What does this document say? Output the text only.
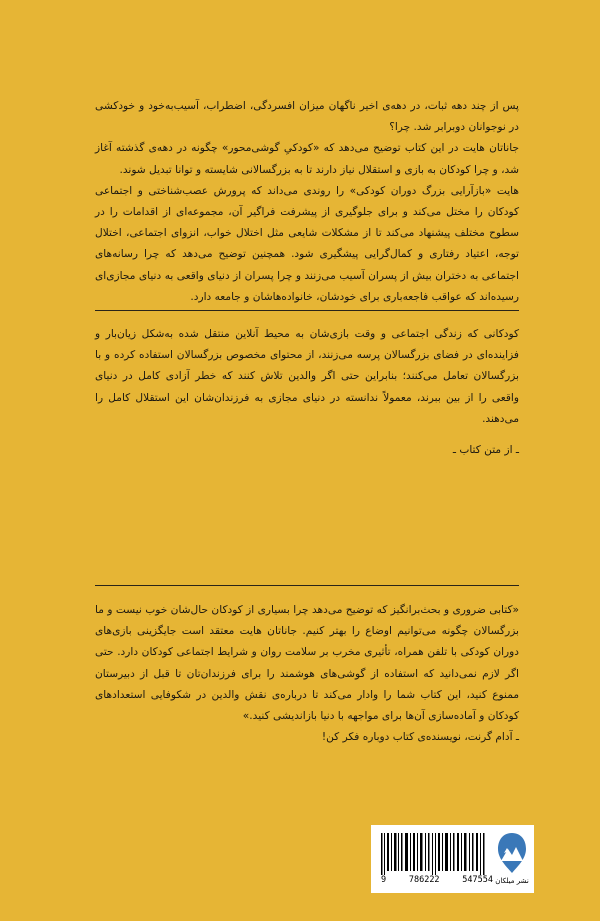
پس از چند دهه ثبات، در دهه‌ی اخیر ناگهان میزان افسردگی، اضطراب، آسیب‌به‌خود و خودکشی در نوجوانان دوبرابر شد. چرا؟

جاناتان هایت در این کتاب توضیح می‌دهد که «کودکیِ گوشی‌محور» چگونه در دهه‌ی گذشته آغاز شد، و چرا کودکان به بازی و استقلال نیاز دارند تا به بزرگسالانی شایسته و توانا تبدیل شوند.

هایت «بازآرایی بزرگ دوران کودکی» را روندی می‌داند که پرورش عصب‌شناختی و اجتماعی کودکان را مختل می‌کند و برای جلوگیری از پیشرفت فراگیر آن، مجموعه‌ای از اقدامات را در سطوح مختلف پیشنهاد می‌کند تا از مشکلات شایعی مثل اختلال خواب، انزوای اجتماعی، اختلال توجه، اعتیاد رفتاری و کمال‌گرایی پیشگیری شود. همچنین توضیح می‌دهد که چرا رسانه‌های اجتماعی به دختران بیش از پسران آسیب می‌زنند و چرا پسران از دنیای واقعی به دنیای مجازی‌ای رسیده‌اند که عواقب فاجعه‌باری برای خودشان، خانواده‌هاشان و جامعه دارد.

کودکانی که زندگی اجتماعی و وقت بازی‌شان به محیط آنلاین منتقل شده به‌شکل زیان‌بار و فزاینده‌ای در فضای بزرگسالان پرسه می‌زنند، از محتوای مخصوص بزرگسالان استفاده کرده و با بزرگسالان تعامل می‌کنند؛ بنابراین حتی اگر والدین تلاش کنند که خطر آزادی کامل در دنیای واقعی را از بین ببرند، معمولاً ندانسته در دنیای مجازی به فرزندان‌شان این استقلال کامل را می‌دهند.

ـ از متن کتاب ـ

«کتابی ضروری و بحث‌برانگیز که توضیح می‌دهد چرا بسیاری از کودکان حال‌شان خوب نیست و ما بزرگسالان چگونه می‌توانیم اوضاع را بهتر کنیم. جاناتان هایت معتقد است جایگزینی بازی‌های دوران کودکی با تلفن همراه، تأثیری مخرب بر سلامت روان و شرایط اجتماعی کودکان دارد. حتی اگر لازم نمی‌دانید که استفاده از گوشی‌های هوشمند را برای فرزندان‌تان تا قبل از دبیرستان ممنوع کنید، این کتاب شما را وادار می‌کند تا درباره‌ی نقش والدین در شکوفایی استعدادهای کودکان و آماده‌سازی آن‌ها برای مواجهه با دنیا بازاندیشی کنید.»

ـ آدام گرنت، نویسنده‌ی کتاب دوباره فکر کن!

9	786222	547554 نشر میلکان
